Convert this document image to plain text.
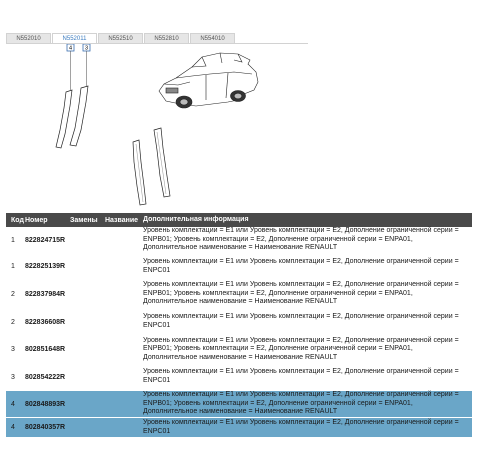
N552010	N552011	N552510	N552810	N554010
4 3
Код Номер	Замены	Название Дополнительная информация
1	822824715R
Уровень комплектации = E1 или Уровень комплектации = E2, Дополнение ограниченной серии = ENPB01; Уровень комплектации = E2, Дополнение ограниченной серии = ENPA01, Дополнительное наименование = Наименование RENAULT
1	822825139R
Уровень комплектации = E1 или Уровень комплектации = E2, Дополнение ограниченной серии = ENPC01
2	822837984R
Уровень комплектации = E1 или Уровень комплектации = E2, Дополнение ограниченной серии = ENPB01; Уровень комплектации = E2, Дополнение ограниченной серии = ENPA01, Дополнительное наименование = Наименование RENAULT
2	822836608R
Уровень комплектации = E1 или Уровень комплектации = E2, Дополнение ограниченной серии = ENPC01
3	802851648R
Уровень комплектации = E1 или Уровень комплектации = E2, Дополнение ограниченной серии = ENPB01; Уровень комплектации = E2, Дополнение ограниченной серии = ENPA01, Дополнительное наименование = Наименование RENAULT
3	802854222R
Уровень комплектации = E1 или Уровень комплектации = E2, Дополнение ограниченной серии = ENPC01
4	802848893R
Уровень комплектации = E1 или Уровень комплектации = E2, Дополнение ограниченной серии = ENPB01; Уровень комплектации = E2, Дополнение ограниченной серии = ENPA01, Дополнительное наименование = Наименование RENAULT
4	802840357R
Уровень комплектации = E1 или Уровень комплектации = E2, Дополнение ограниченной серии = ENPC01
